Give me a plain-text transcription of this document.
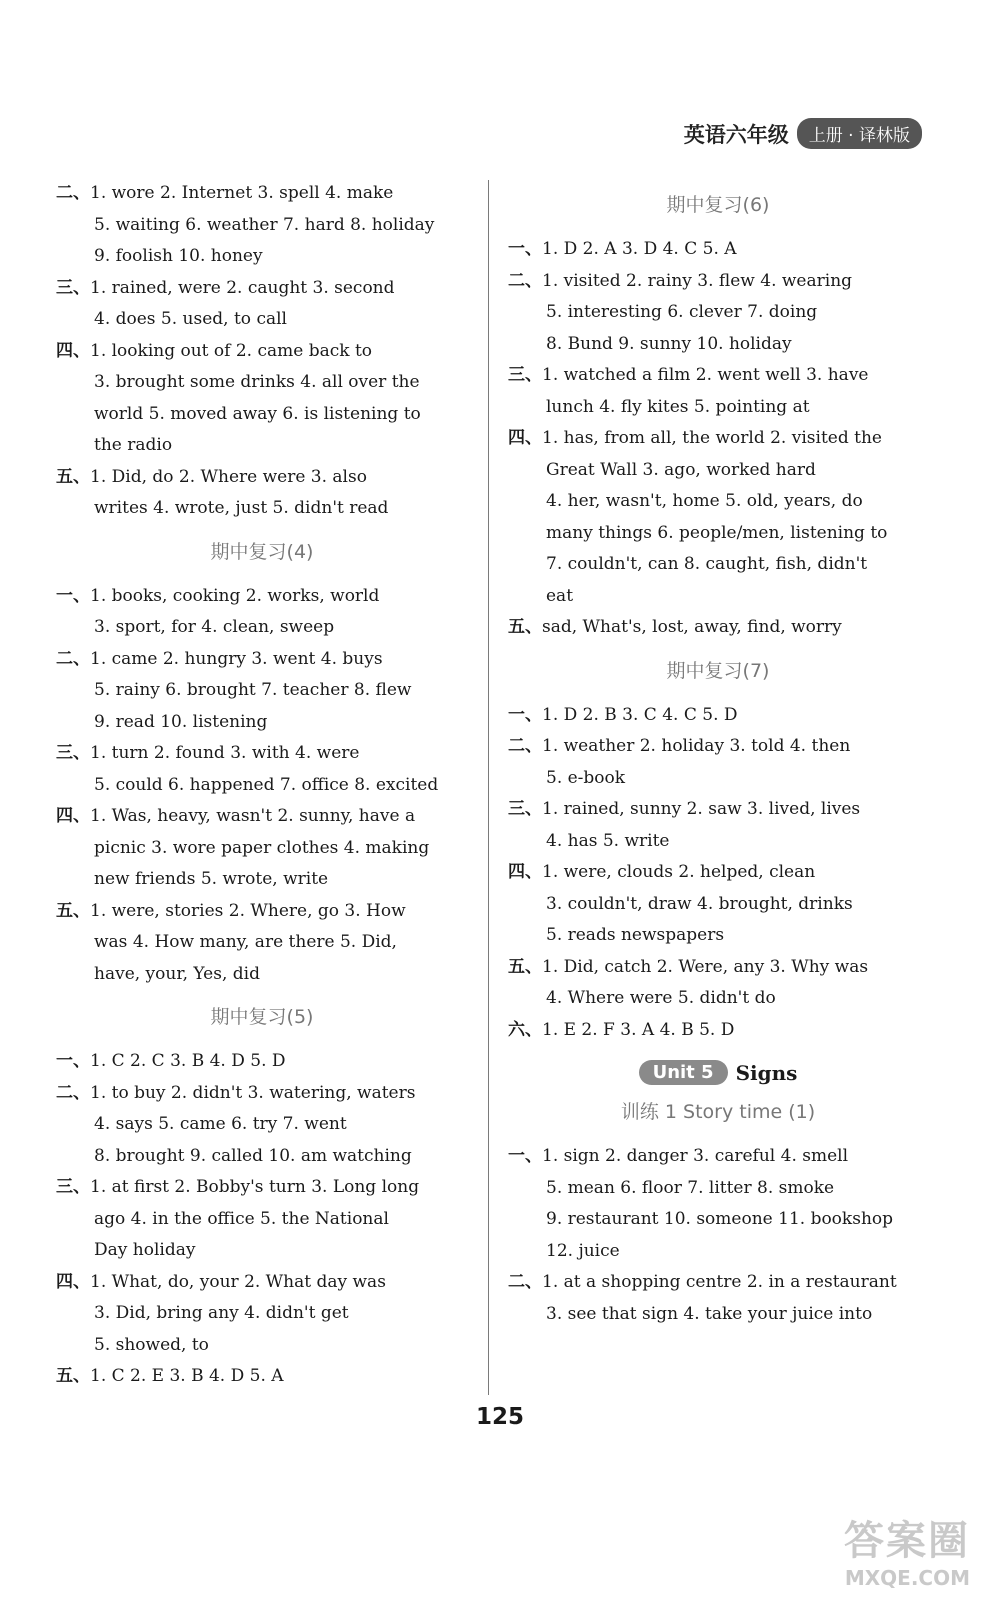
英语六年级	上册 · 译林版
二、1. wore 2. Internet 3. spell 4. make
5. waiting 6. weather 7. hard 8. holiday
9. foolish 10. honey
三、1. rained, were 2. caught 3. second
4. does 5. used, to call
四、1. looking out of 2. came back to
3. brought some drinks 4. all over the
world 5. moved away 6. is listening to
the radio
五、1. Did, do 2. Where were 3. also
writes 4. wrote, just 5. didn't read
期中复习(4)
一、1. books, cooking 2. works, world
3. sport, for 4. clean, sweep
二、1. came 2. hungry 3. went 4. buys
5. rainy 6. brought 7. teacher 8. flew
9. read 10. listening
三、1. turn 2. found 3. with 4. were
5. could 6. happened 7. office 8. excited
四、1. Was, heavy, wasn't 2. sunny, have a
picnic 3. wore paper clothes 4. making
new friends 5. wrote, write
五、1. were, stories 2. Where, go 3. How
was 4. How many, are there 5. Did,
have, your, Yes, did
期中复习(5)
一、1. C 2. C 3. B 4. D 5. D
二、1. to buy 2. didn't 3. watering, waters
4. says 5. came 6. try 7. went
8. brought 9. called 10. am watching
三、1. at first 2. Bobby's turn 3. Long long
ago 4. in the office 5. the National
Day holiday
四、1. What, do, your 2. What day was
3. Did, bring any 4. didn't get
5. showed, to
五、1. C 2. E 3. B 4. D 5. A
期中复习(6)
一、1. D 2. A 3. D 4. C 5. A
二、1. visited 2. rainy 3. flew 4. wearing
5. interesting 6. clever 7. doing
8. Bund 9. sunny 10. holiday
三、1. watched a film 2. went well 3. have
lunch 4. fly kites 5. pointing at
四、1. has, from all, the world 2. visited the
Great Wall 3. ago, worked hard
4. her, wasn't, home 5. old, years, do
many things 6. people/men, listening to
7. couldn't, can 8. caught, fish, didn't
eat
五、sad, What's, lost, away, find, worry
期中复习(7)
一、1. D 2. B 3. C 4. C 5. D
二、1. weather 2. holiday 3. told 4. then
5. e-book
三、1. rained, sunny 2. saw 3. lived, lives
4. has 5. write
四、1. were, clouds 2. helped, clean
3. couldn't, draw 4. brought, drinks
5. reads newspapers
五、1. Did, catch 2. Were, any 3. Why was
4. Where were 5. didn't do
六、1. E 2. F 3. A 4. B 5. D
Unit 5	Signs
训练 1 Story time (1)
一、1. sign 2. danger 3. careful 4. smell
5. mean 6. floor 7. litter 8. smoke
9. restaurant 10. someone 11. bookshop
12. juice
二、1. at a shopping centre 2. in a restaurant
3. see that sign 4. take your juice into
125
答案圈
MXQE.COM
